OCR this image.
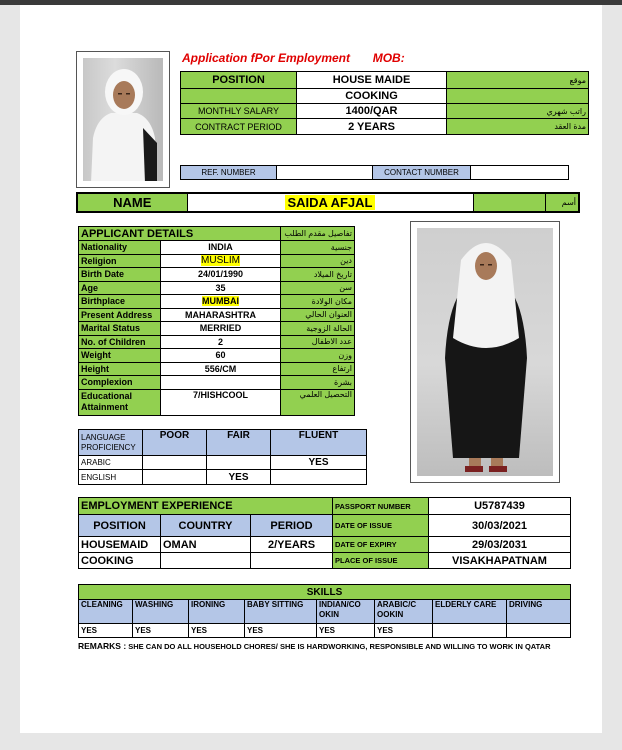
Application fPor Employment MOB:
POSITION	HOUSE MAIDE	موقع
	COOKING	
MONTHLY SALARY	1400/QAR	راتب شهري
CONTRACT PERIOD	2 YEARS	مدة العقد
REF. NUMBER		CONTACT NUMBER	
NAME	SAIDA AFJAL		أسم
APPLICANT DETAILS		تفاصيل مقدم الطلب
Nationality	INDIA	جنسية
Religion	MUSLIM	دين
Birth Date	24/01/1990	تاريخ الميلاد
Age	35	سن
Birthplace	MUMBAI	مكان الولادة
Present Address	MAHARASHTRA	العنوان الحالي
Marital Status	MERRIED	الحالة الزوجية
No. of Children	2	عدد الاطفال
Weight	60	وزن
Height	556/CM	ارتفاع
Complexion		بشرة
Educational
Attainment	7/HISHCOOL	التحصيل العلمي
LANGUAGE
PROFICIENCY	POOR	FAIR	FLUENT
ARABIC			YES
ENGLISH		YES	
EMPLOYMENT EXPERIENCE		
POSITION	COUNTRY	PERIOD
HOUSEMAID	OMAN	2/YEARS
COOKING		
PASSPORT NUMBER	U5787439
DATE OF ISSUE	30/03/2021
DATE OF EXPIRY	29/03/2031
PLACE OF ISSUE	VISAKHAPATNAM
SKILLS							
CLEANING	WASHING	IRONING	BABY SITTING	INDIAN/CO OKIN	ARABIC/C OOKIN	ELDERLY CARE	DRIVING
YES	YES	YES	YES	YES	YES		
REMARKS : SHE CAN DO ALL HOUSEHOLD CHORES/ SHE IS HARDWORKING, RESPONSIBLE AND WILLING TO WORK IN QATAR
